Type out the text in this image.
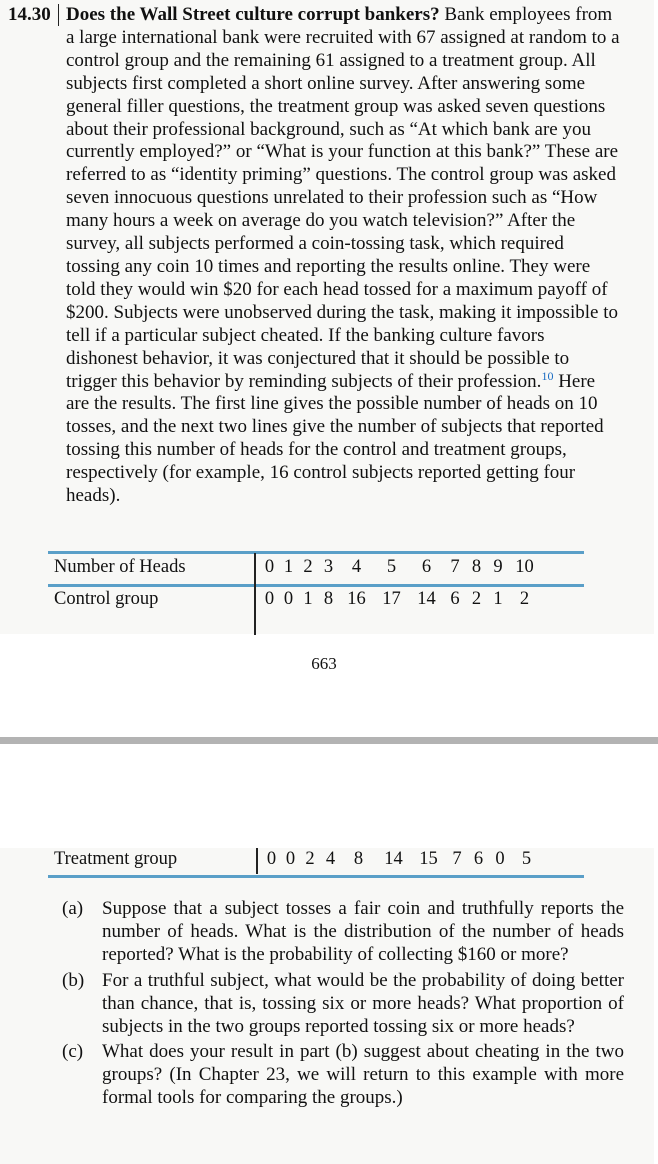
14.30 Does the Wall Street culture corrupt bankers? Bank employees from a large international bank were recruited with 67 assigned at random to a control group and the remaining 61 assigned to a treatment group. All subjects first completed a short online survey. After answering some general filler questions, the treatment group was asked seven questions about their professional background, such as “At which bank are you currently employed?” or “What is your function at this bank?” These are referred to as “identity priming” questions. The control group was asked seven innocuous questions unrelated to their profession such as “How many hours a week on average do you watch television?” After the survey, all subjects performed a coin-tossing task, which required tossing any coin 10 times and reporting the results online. They were told they would win $20 for each head tossed for a maximum payoff of $200. Subjects were unobserved during the task, making it impossible to tell if a particular subject cheated. If the banking culture favors dishonest behavior, it was conjectured that it should be possible to trigger this behavior by reminding subjects of their profession.$^{10}$ Here are the results. The first line gives the possible number of heads on 10 tosses, and the next two lines give the number of subjects that reported tossing this number of heads for the control and treatment groups, respectively (for example, 16 control subjects reported getting four heads).
Number of Heads	0 1 2 3	4	5	6	7 8 9 10
Control group	0 0 1 8 16 17 14 6 2 1 2
663
Treatment group	0 0 2 4	8	14 15 7 6 0 5
(a) Suppose that a subject tosses a fair coin and truthfully reports the number of heads. What is the distribution of the number of heads reported? What is the probability of collecting $160 or more?
(b) For a truthful subject, what would be the probability of doing better than chance, that is, tossing six or more heads? What proportion of subjects in the two groups reported tossing six or more heads?
(c) What does your result in part (b) suggest about cheating in the two groups? (In Chapter 23, we will return to this example with more formal tools for comparing the groups.)
